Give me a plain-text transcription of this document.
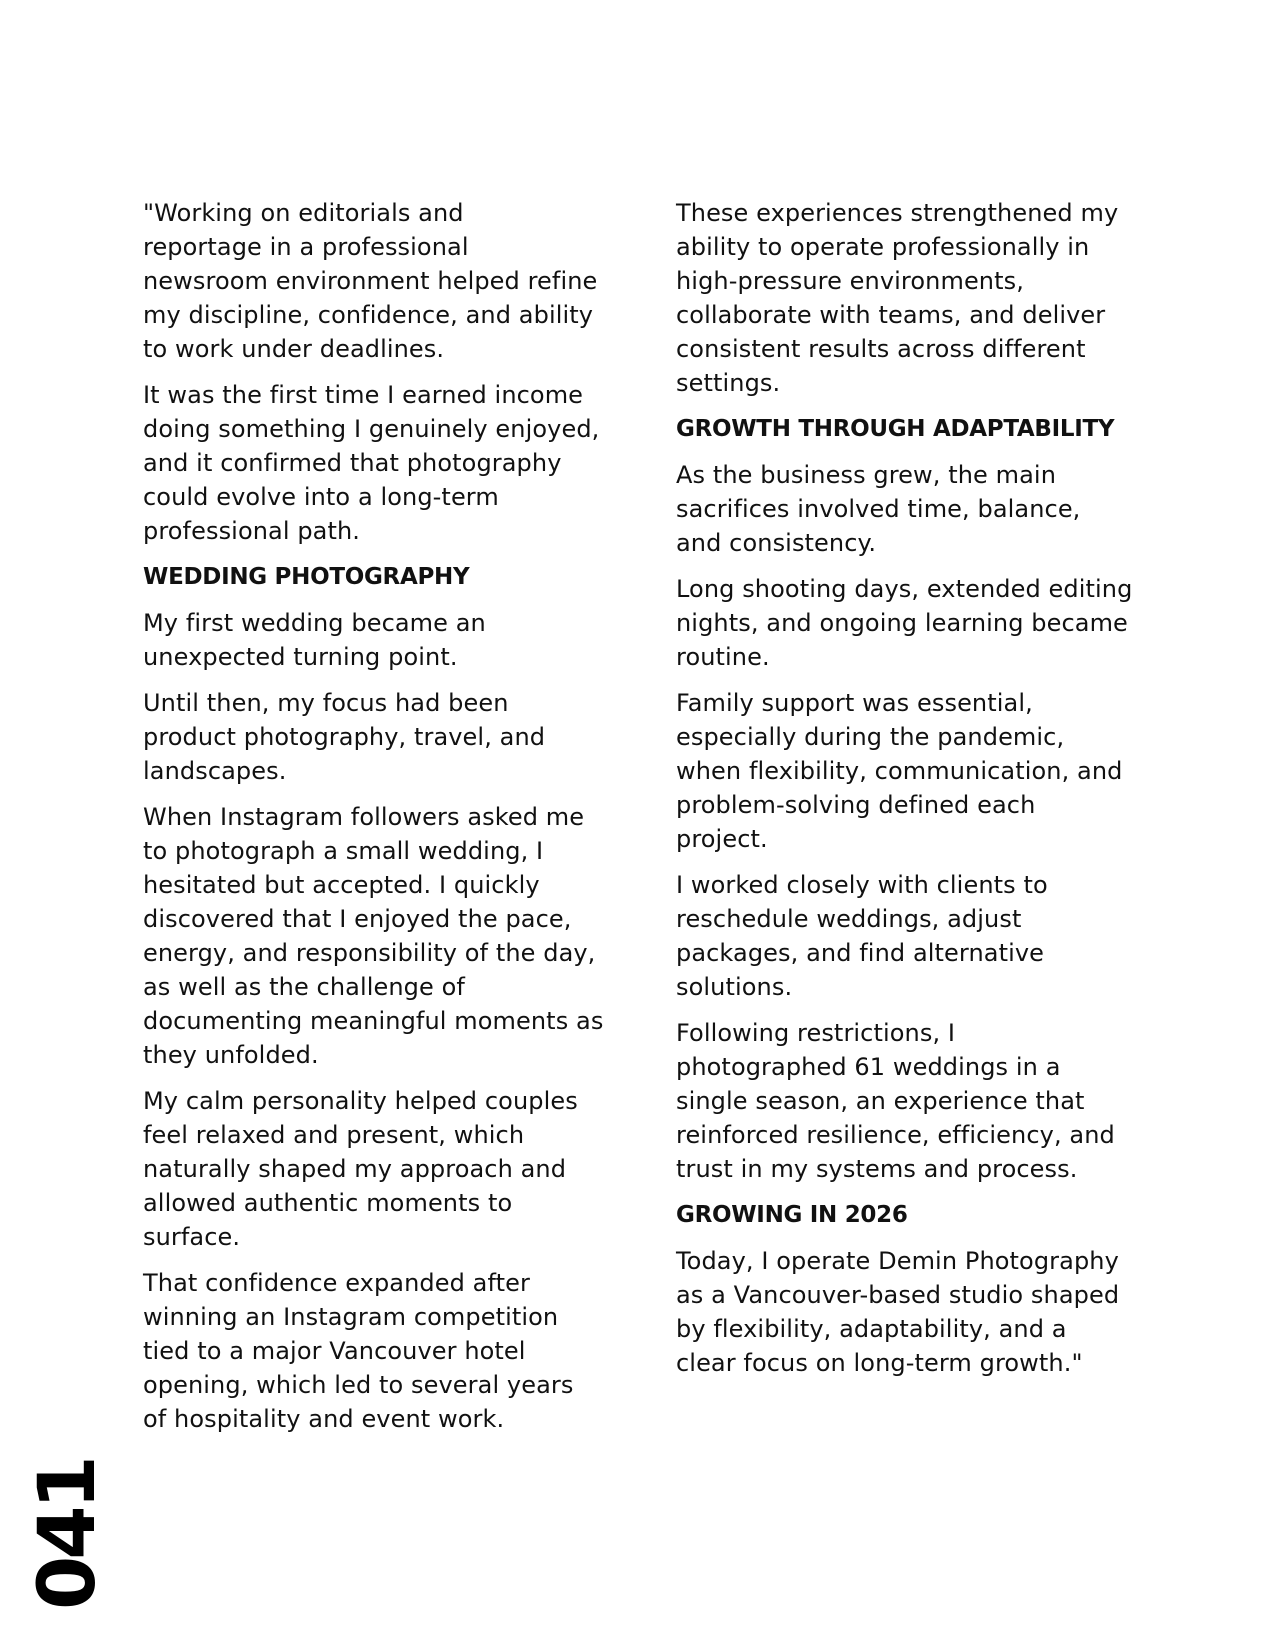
"Working on editorials and
reportage in a professional
newsroom environment helped refine
my discipline, confidence, and ability
to work under deadlines.

It was the first time I earned income
doing something I genuinely enjoyed,
and it confirmed that photography
could evolve into a long-term
professional path.

WEDDING PHOTOGRAPHY

My first wedding became an
unexpected turning point.

Until then, my focus had been
product photography, travel, and
landscapes.

When Instagram followers asked me
to photograph a small wedding, I
hesitated but accepted. I quickly
discovered that I enjoyed the pace,
energy, and responsibility of the day,
as well as the challenge of
documenting meaningful moments as
they unfolded.

My calm personality helped couples
feel relaxed and present, which
naturally shaped my approach and
allowed authentic moments to
surface.

That confidence expanded after
winning an Instagram competition
tied to a major Vancouver hotel
opening, which led to several years
of hospitality and event work.

These experiences strengthened my
ability to operate professionally in
high-pressure environments,
collaborate with teams, and deliver
consistent results across different
settings.

GROWTH THROUGH ADAPTABILITY

As the business grew, the main
sacrifices involved time, balance,
and consistency.

Long shooting days, extended editing
nights, and ongoing learning became
routine.

Family support was essential,
especially during the pandemic,
when flexibility, communication, and
problem-solving defined each
project.

I worked closely with clients to
reschedule weddings, adjust
packages, and find alternative
solutions.

Following restrictions, I
photographed 61 weddings in a
single season, an experience that
reinforced resilience, efficiency, and
trust in my systems and process.

GROWING IN 2026

Today, I operate Demin Photography
as a Vancouver-based studio shaped
by flexibility, adaptability, and a
clear focus on long-term growth."

041
